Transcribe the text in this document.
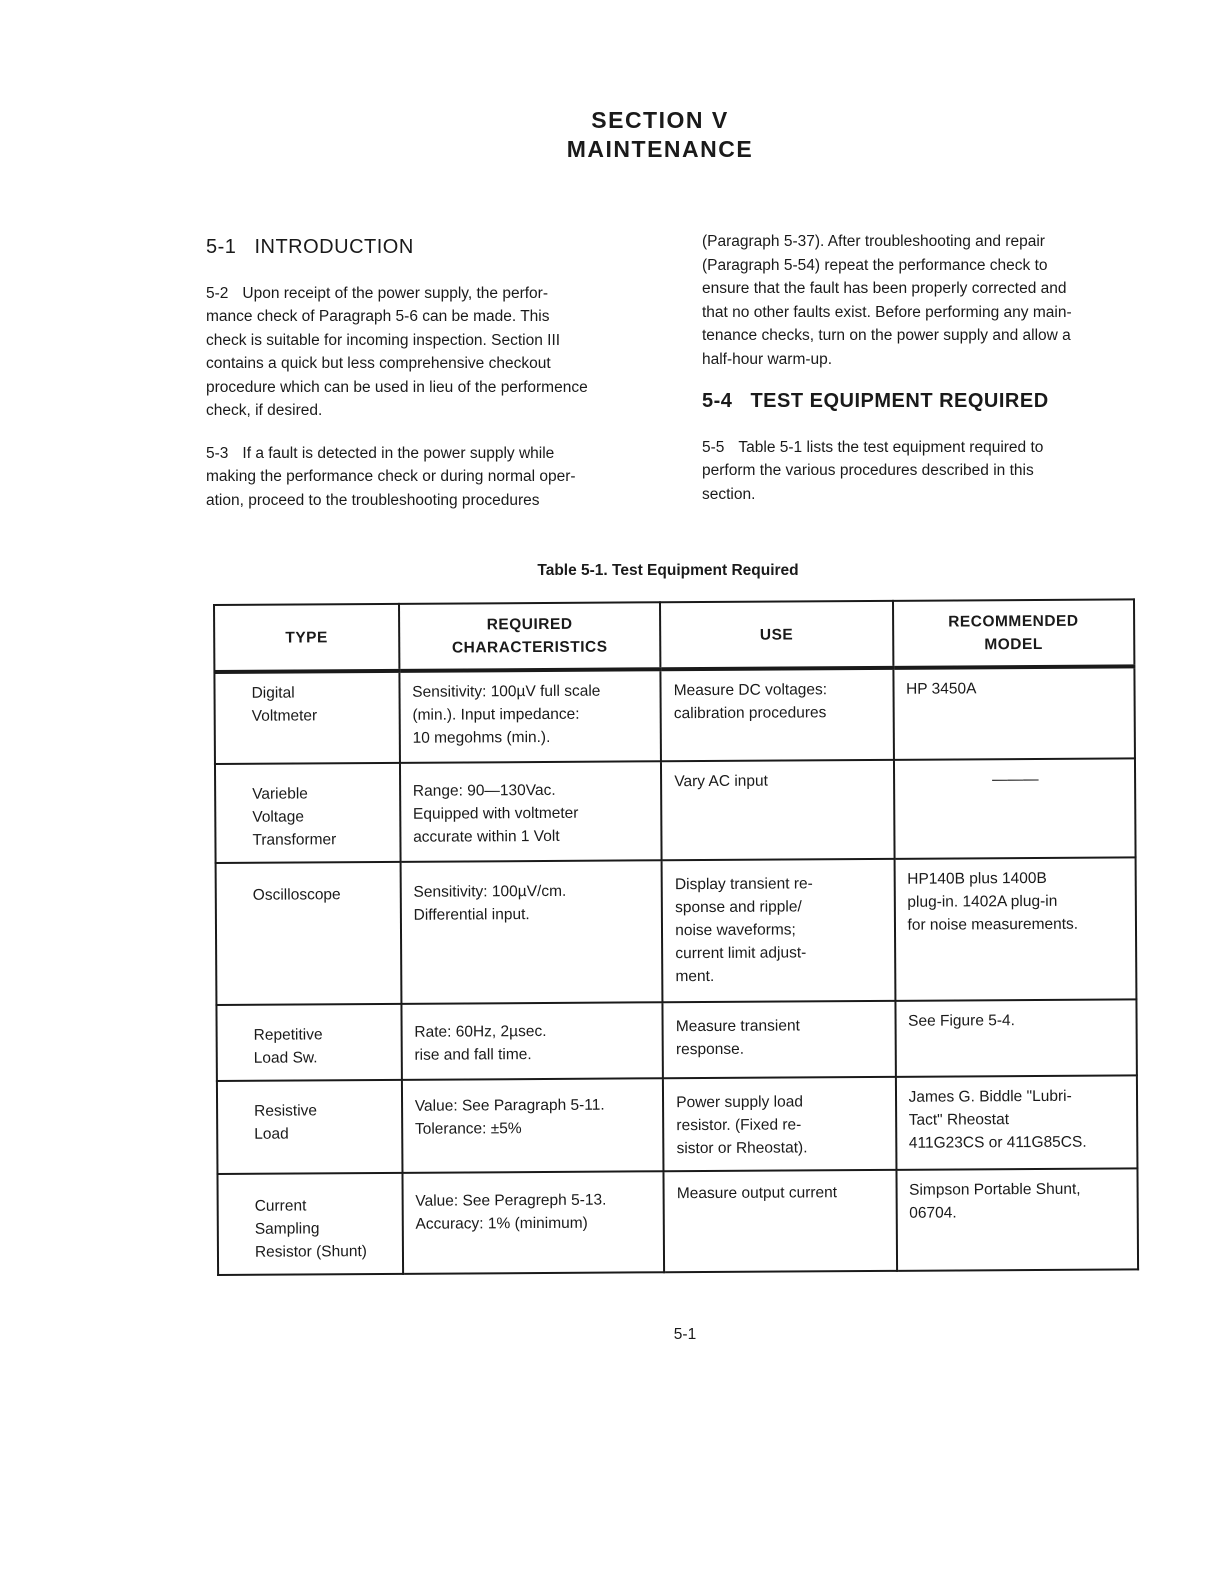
SECTION V
MAINTENANCE
5-1 INTRODUCTION

5-2 Upon receipt of the power supply, the perfor-
mance check of Paragraph 5-6 can be made. This
check is suitable for incoming inspection. Section III
contains a quick but less comprehensive checkout
procedure which can be used in lieu of the performence
check, if desired.

5-3 If a fault is detected in the power supply while
making the performance check or during normal oper-
ation, proceed to the troubleshooting procedures

(Paragraph 5-37). After troubleshooting and repair
(Paragraph 5-54) repeat the performance check to
ensure that the fault has been properly corrected and
that no other faults exist. Before performing any main-
tenance checks, turn on the power supply and allow a
half-hour warm-up.

5-4 TEST EQUIPMENT REQUIRED

5-5 Table 5-1 lists the test equipment required to
perform the various procedures described in this
section.

Table 5-1. Test Equipment Required
TYPE	REQUIRED
CHARACTERISTICS	USE	RECOMMENDED
MODEL
Digital
Voltmeter	Sensitivity: 100µV full scale
(min.). Input impedance:
10 megohms (min.).	Measure DC voltages:
calibration procedures	HP 3450A
Varieble
Voltage
Transformer	Range: 90—130Vac.
Equipped with voltmeter
accurate within 1 Volt	Vary AC input	———
Oscilloscope	Sensitivity: 100µV/cm.
Differential input.	Display transient re-
sponse and ripple/
noise waveforms;
current limit adjust-
ment.	HP140B plus 1400B
plug-in. 1402A plug-in
for noise measurements.
Repetitive
Load Sw.	Rate: 60Hz, 2µsec.
rise and fall time.	Measure transient
response.	See Figure 5-4.
Resistive
Load	Value: See Paragraph 5-11.
Tolerance: ±5%	Power supply load
resistor. (Fixed re-
sistor or Rheostat).	James G. Biddle "Lubri-
Tact" Rheostat
411G23CS or 411G85CS.
Current
Sampling
Resistor (Shunt)	Value: See Peragreph 5-13.
Accuracy: 1% (minimum)	Measure output current	Simpson Portable Shunt,
06704.
5-1
